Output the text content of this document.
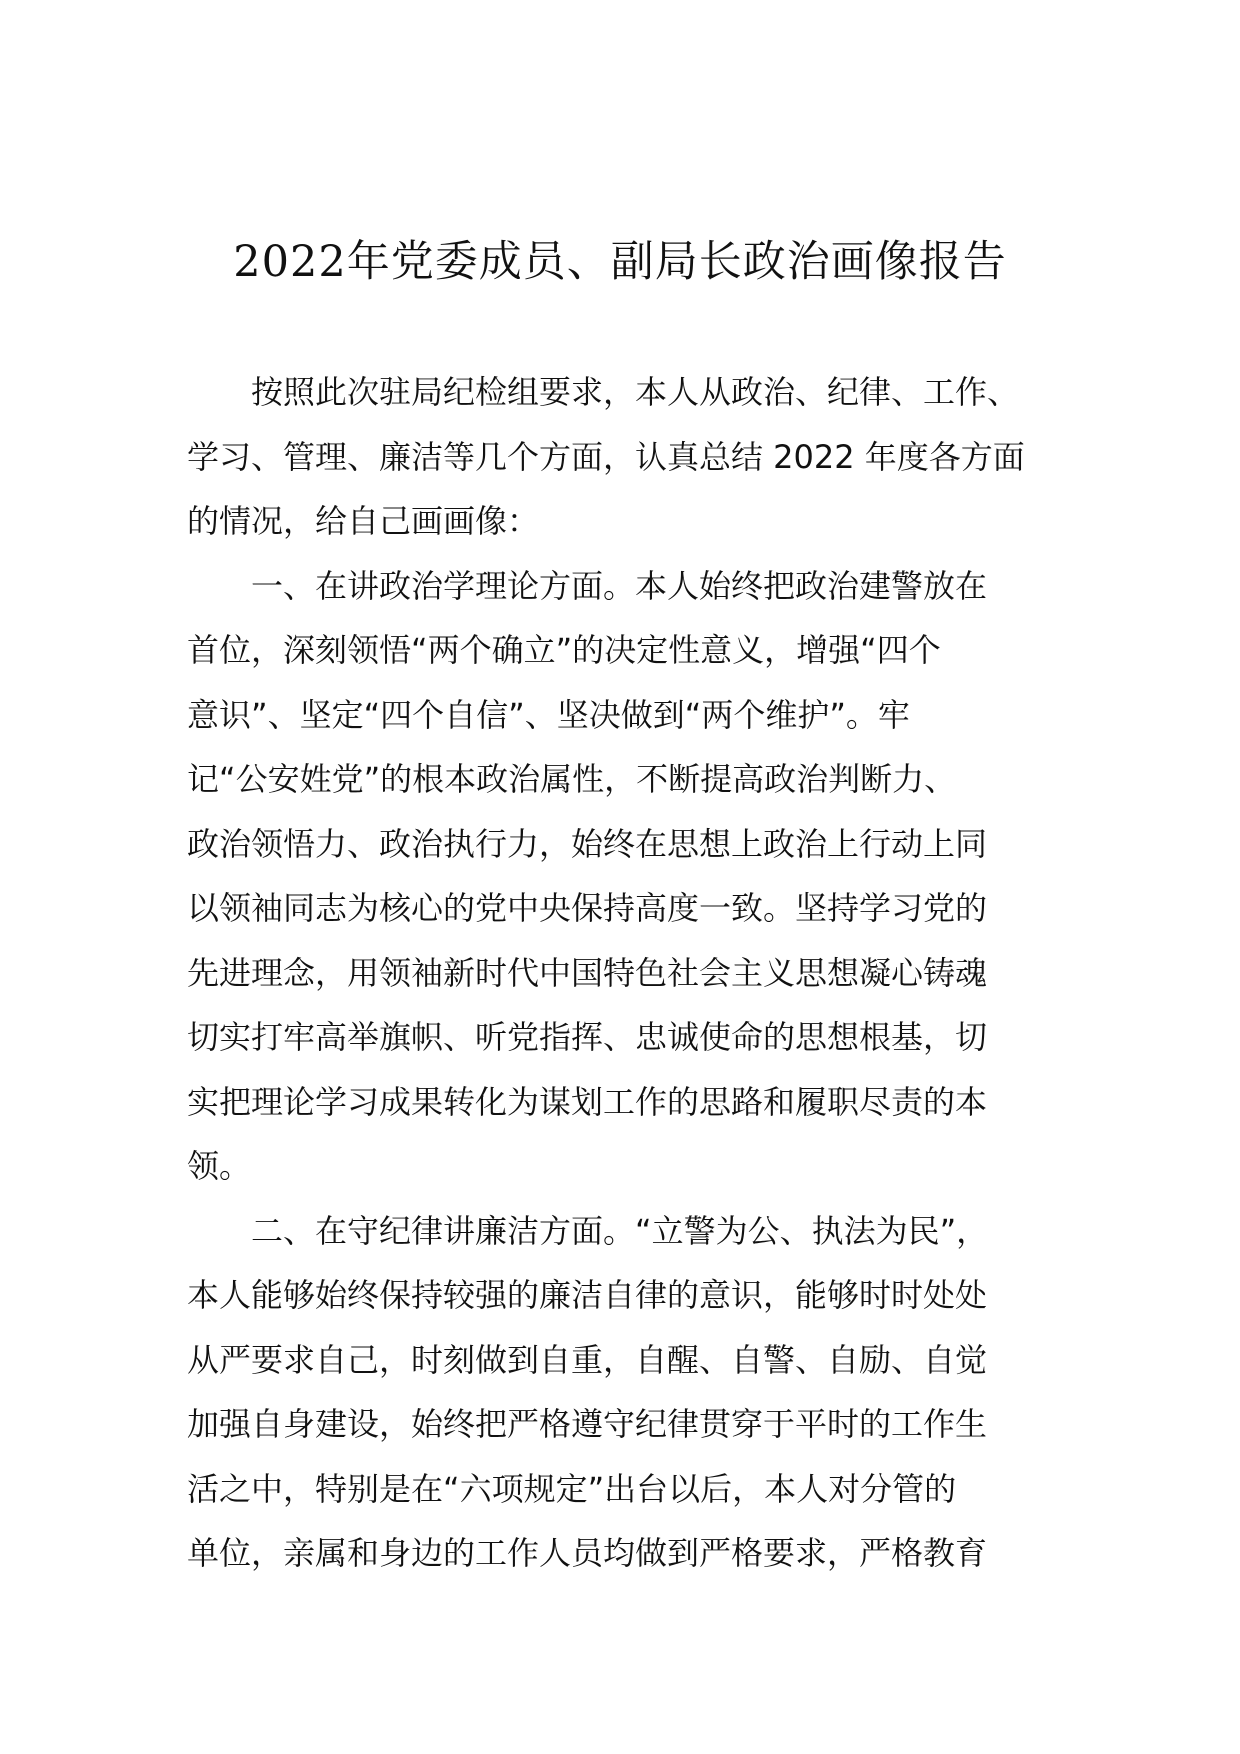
2022年党委成员、副局长政治画像报告
按照此次驻局纪检组要求，本人从政治、纪律、工作、
学习、管理、廉洁等几个方面，认真总结 2022 年度各方面
的情况，给自己画画像：
一、在讲政治学理论方面。本人始终把政治建警放在
首位，深刻领悟“两个确立”的决定性意义，增强“四个
意识”、坚定“四个自信”、坚决做到“两个维护”。牢
记“公安姓党”的根本政治属性，不断提高政治判断力、
政治领悟力、政治执行力，始终在思想上政治上行动上同
以领袖同志为核心的党中央保持高度一致。坚持学习党的
先进理念，用领袖新时代中国特色社会主义思想凝心铸魂
切实打牢高举旗帜、听党指挥、忠诚使命的思想根基，切
实把理论学习成果转化为谋划工作的思路和履职尽责的本
领。
二、在守纪律讲廉洁方面。“立警为公、执法为民”，
本人能够始终保持较强的廉洁自律的意识，能够时时处处
从严要求自己，时刻做到自重，自醒、自警、自励、自觉
加强自身建设，始终把严格遵守纪律贯穿于平时的工作生
活之中，特别是在“六项规定”出台以后，本人对分管的
单位，亲属和身边的工作人员均做到严格要求，严格教育
